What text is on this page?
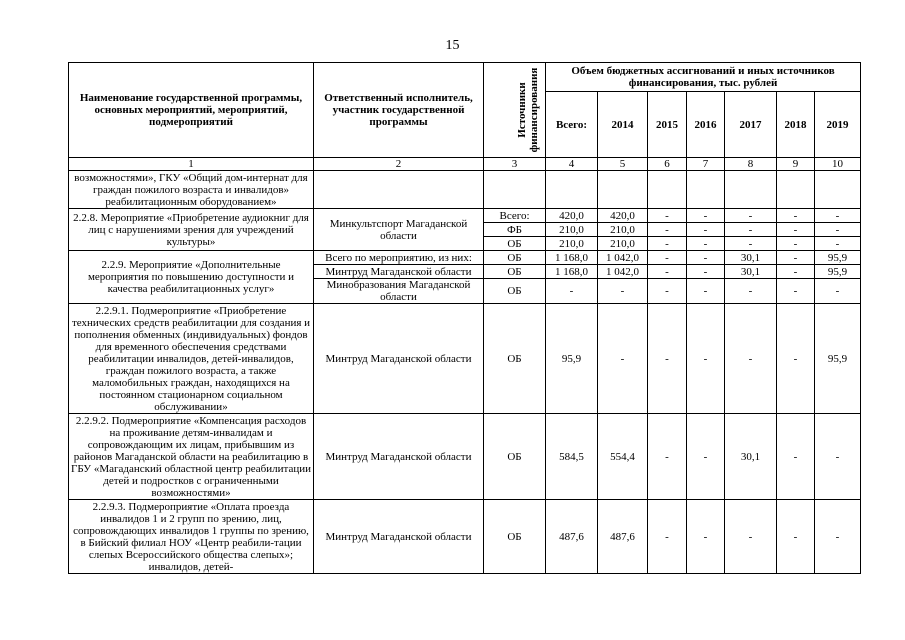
15
Наименование государственной программы, основных мероприятий, мероприятий, подмероприятий	Ответственный исполнитель, участник государственной программы	Источники финансирования	Объем бюджетных ассигнований и иных источников финансирования, тыс. рублей						
			Всего:	2014	2015	2016	2017	2018	2019
1	2	3	4	5	6	7	8	9	10
возможностями», ГКУ «Общий дом-интернат для граждан пожилого возраста и инвалидов» реабилитационным оборудованием»									
2.2.8. Мероприятие «Приобретение аудиокниг для лиц с нарушениями зрения для учреждений культуры»	Минкультспорт Магаданской области	Всего:	420,0	420,0	-	-	-	-	-
		ФБ	210,0	210,0	-	-	-	-	-
		ОБ	210,0	210,0	-	-	-	-	-
2.2.9. Мероприятие «Дополнительные мероприятия по повышению доступности и качества реабилитационных услуг»	Всего по мероприятию, из них:	ОБ	1 168,0	1 042,0	-	-	30,1	-	95,9
	Минтруд Магаданской области	ОБ	1 168,0	1 042,0	-	-	30,1	-	95,9
	Минобразования Магаданской области	ОБ	-	-	-	-	-	-	-
2.2.9.1. Подмероприятие «Приобретение технических средств реабилитации для создания и пополнения обменных (индивидуальных) фондов для временного обеспечения средствами реабилитации инвалидов, детей-инвалидов, граждан пожилого возраста, а также маломобильных граждан, находящихся на постоянном стационарном социальном обслуживании»	Минтруд Магаданской области	ОБ	95,9	-	-	-	-	-	95,9
2.2.9.2. Подмероприятие «Компенсация расходов на проживание детям-инвалидам и сопровождающим их лицам, прибывшим из районов Магаданской области на реабилитацию в ГБУ «Магаданский областной центр реабилитации детей и подростков с ограниченными возможностями»	Минтруд Магаданской области	ОБ	584,5	554,4	-	-	30,1	-	-
2.2.9.3. Подмероприятие «Оплата проезда инвалидов 1 и 2 групп по зрению, лиц, сопровождающих инвалидов 1 группы по зрению, в Бийский филиал НОУ «Центр реабили-тации слепых Всероссийского общества слепых»; инвалидов, детей-	Минтруд Магаданской области	ОБ	487,6	487,6	-	-	-	-	-
